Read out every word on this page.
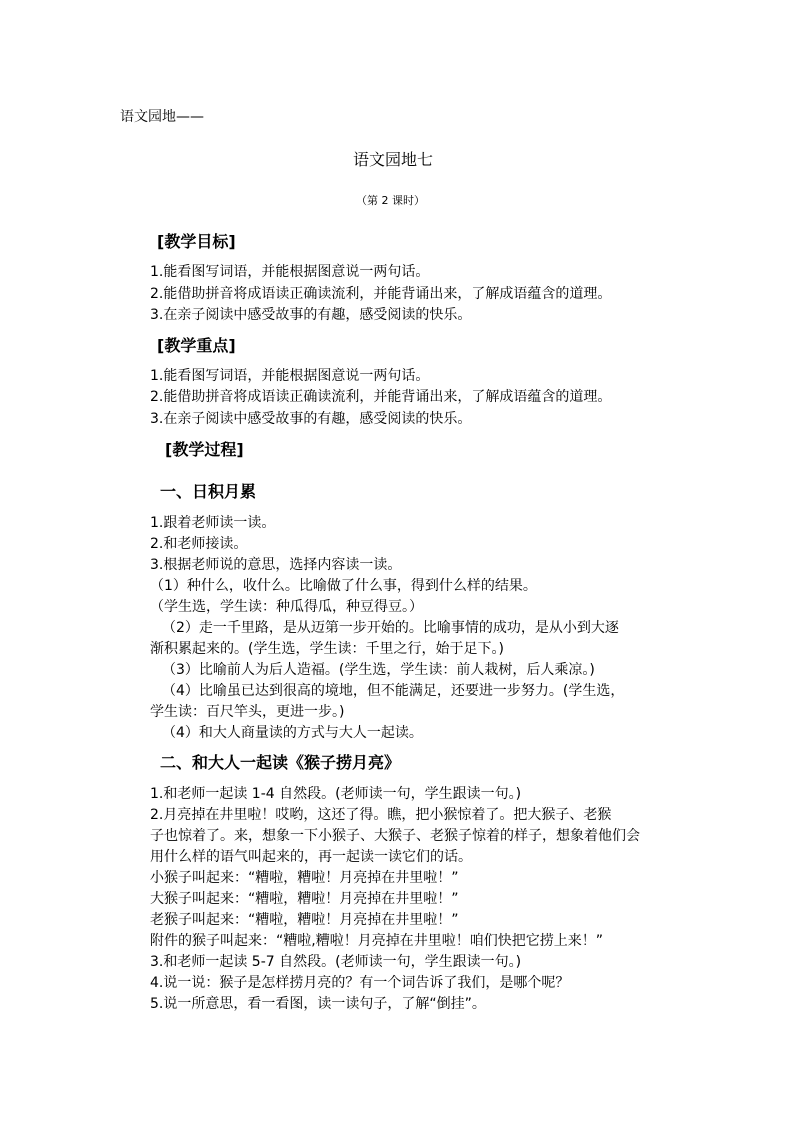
语文园地——
语文园地七
（第 2 课时）
[教学目标]
1.能看图写词语，并能根据图意说一两句话。
2.能借助拼音将成语读正确读流利，并能背诵出来，了解成语蕴含的道理。
3.在亲子阅读中感受故事的有趣，感受阅读的快乐。
[教学重点]
1.能看图写词语，并能根据图意说一两句话。
2.能借助拼音将成语读正确读流利，并能背诵出来，了解成语蕴含的道理。
3.在亲子阅读中感受故事的有趣，感受阅读的快乐。
[教学过程]
一、日积月累
1.跟着老师读一读。
2.和老师接读。
3.根据老师说的意思，选择内容读一读。
（1）种什么，收什么。比喻做了什么事，得到什么样的结果。
（学生选，学生读：种瓜得瓜，种豆得豆。）
（2）走一千里路，是从迈第一步开始的。比喻事情的成功，是从小到大逐
渐积累起来的。(学生选，学生读：千里之行，始于足下。)
（3）比喻前人为后人造福。(学生选，学生读：前人栽树，后人乘凉。)
（4）比喻虽已达到很高的境地，但不能满足，还要进一步努力。(学生选，
学生读：百尺竿头，更进一步。)
（4）和大人商量读的方式与大人一起读。
二、和大人一起读《猴子捞月亮》
1.和老师一起读 1-4 自然段。(老师读一句，学生跟读一句。)
2.月亮掉在井里啦！哎哟，这还了得。瞧，把小猴惊着了。把大猴子、老猴
子也惊着了。来，想象一下小猴子、大猴子、老猴子惊着的样子，想象着他们会
用什么样的语气叫起来的，再一起读一读它们的话。
小猴子叫起来：“糟啦，糟啦！月亮掉在井里啦！”
大猴子叫起来：“糟啦，糟啦！月亮掉在井里啦！”
老猴子叫起来：“糟啦，糟啦！月亮掉在井里啦！”
附件的猴子叫起来：“糟啦,糟啦！月亮掉在井里啦！咱们快把它捞上来！”
3.和老师一起读 5-7 自然段。(老师读一句，学生跟读一句。)
4.说一说：猴子是怎样捞月亮的？有一个词告诉了我们，是哪个呢？
5.说一所意思，看一看图，读一读句子，了解“倒挂”。
